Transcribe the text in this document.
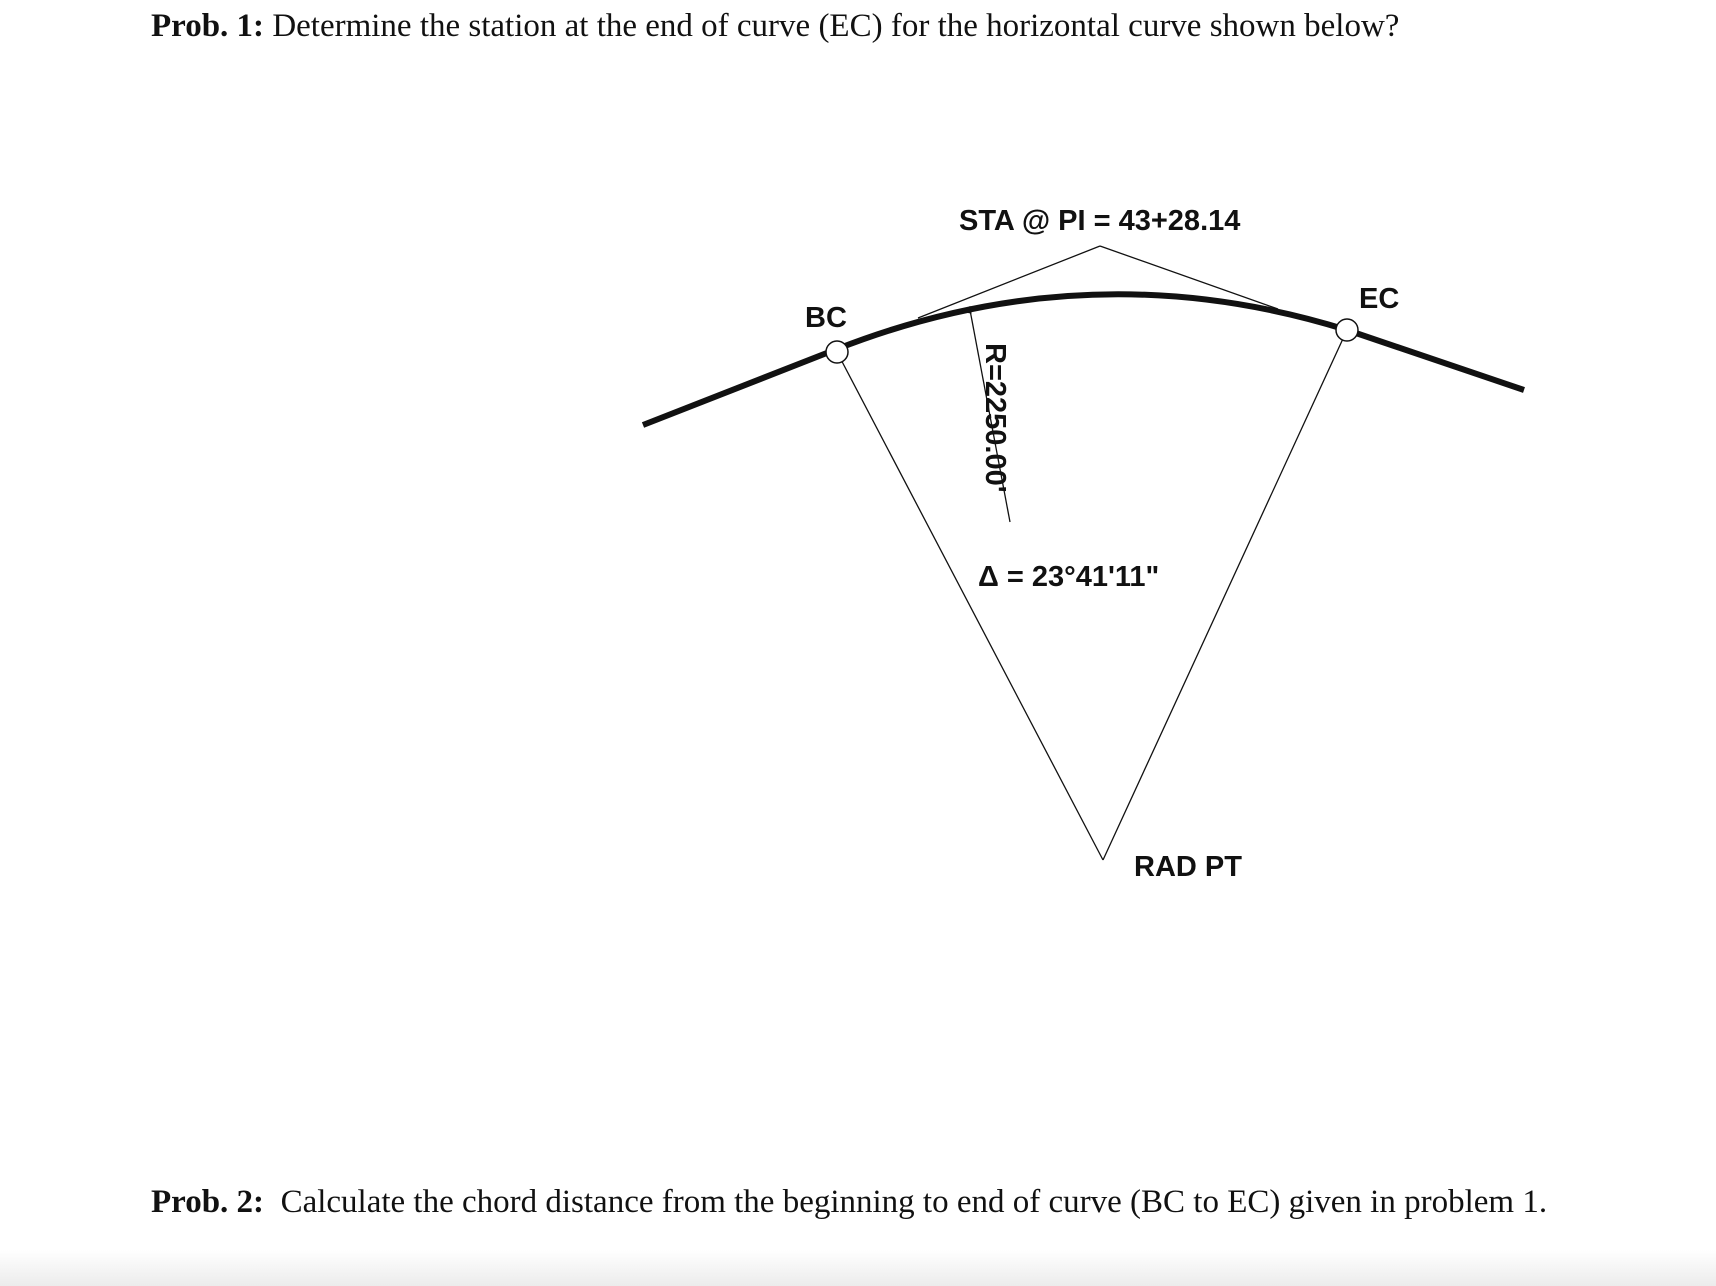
Prob. 1: Determine the station at the end of curve (EC) for the horizontal curve shown below?

STA @ PI = 43+28.14
BC
EC
R=2250.00'
Δ = 23°41'11"
RAD PT

Prob. 2: Calculate the chord distance from the beginning to end of curve (BC to EC) given in problem 1.
